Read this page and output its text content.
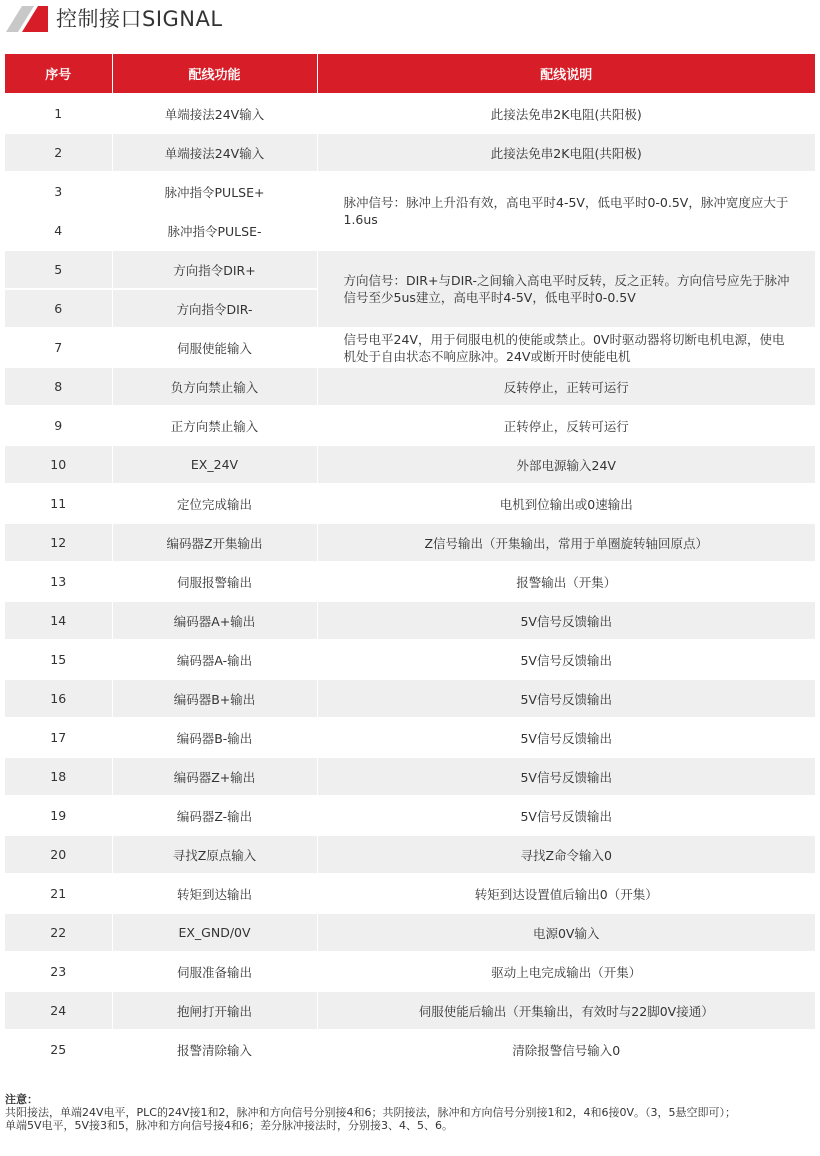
控制接口SIGNAL
序号	配线功能	配线说明
1	单端接法24V输入	此接法免串2K电阻(共阳极)
2	单端接法24V输入	此接法免串2K电阻(共阳极)
3	脉冲指令PULSE+	脉冲信号：脉冲上升沿有效，高电平时4-5V，低电平时0-0.5V，脉冲宽度应大于1.6us
4	脉冲指令PULSE-	
5	方向指令DIR+	方向信号：DIR+与DIR-之间输入高电平时反转，反之正转。方向信号应先于脉冲信号至少5us建立，高电平时4-5V，低电平时0-0.5V
6	方向指令DIR-	
7	伺服使能输入	信号电平24V，用于伺服电机的使能或禁止。0V时驱动器将切断电机电源，使电机处于自由状态不响应脉冲。24V或断开时使能电机
8	负方向禁止输入	反转停止，正转可运行
9	正方向禁止输入	正转停止，反转可运行
10	EX_24V	外部电源输入24V
11	定位完成输出	电机到位输出或0速输出
12	编码器Z开集输出	Z信号输出（开集输出，常用于单圈旋转轴回原点）
13	伺服报警输出	报警输出（开集）
14	编码器A+输出	5V信号反馈输出
15	编码器A-输出	5V信号反馈输出
16	编码器B+输出	5V信号反馈输出
17	编码器B-输出	5V信号反馈输出
18	编码器Z+输出	5V信号反馈输出
19	编码器Z-输出	5V信号反馈输出
20	寻找Z原点输入	寻找Z命令输入0
21	转矩到达输出	转矩到达设置值后输出0（开集）
22	EX_GND/0V	电源0V输入
23	伺服准备输出	驱动上电完成输出（开集）
24	抱闸打开输出	伺服使能后输出（开集输出，有效时与22脚0V接通）
25	报警清除输入	清除报警信号输入0
注意：
共阳接法，单端24V电平，PLC的24V接1和2，脉冲和方向信号分别接4和6；共阴接法，脉冲和方向信号分别接1和2，4和6接0V。（3，5悬空即可）；
单端5V电平，5V接3和5，脉冲和方向信号接4和6；差分脉冲接法时，分别接3、4、5、6。
